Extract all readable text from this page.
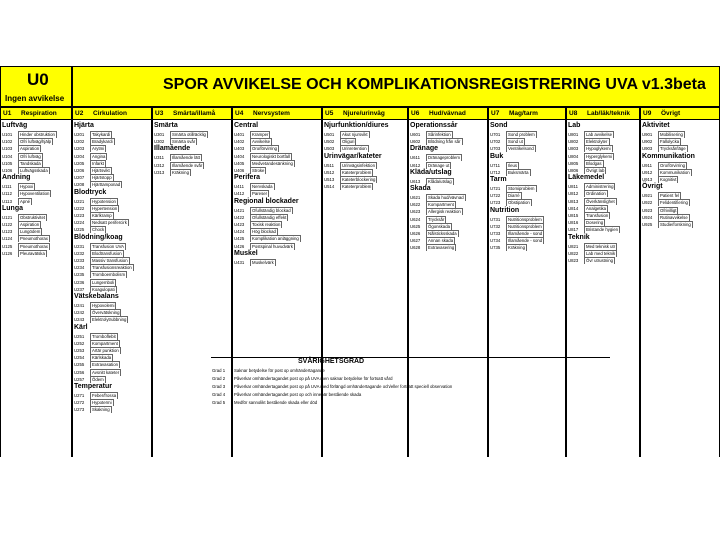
U0
Ingen avvikelse
SPOR AVVIKELSE OCH KOMPLIKATIONSREGISTRERING UVA v1.3beta
U1 Respiration
Luftväg
U101 Hinder obstruktion
U102 Ofri luftväg/hjälp
U103 Aspiration
U104 Ofri luftväg
U105 Tandskada
U106 Luftvägsskada
Andning
U111 Hypoxi
U112 Hypoventilation
U113 Apné
Lunga
U121 Obstruktivitet
U122 Aspiration
U123 Lungödem
U124 Pneumothorax
U125 Pneumothorax
U126 Pleuravätska
U2 Cirkulation
Hjärta
U201 Takykardi
U202 Bradykardi
U203 Arytmi
U204 Angina
U205 Infarkt
U206 Hjärtsvikt
U207 Hjärtstopp
U208 Hjärttamponad
Blodtryck
U221 Hypotension
U222 Hypertension
U223 Kärlkramp
U224 Nedsatt perifercirk
U225 Chock
Blödning/koag
U231 Transfusion UVA
U232 Blodtransfusion
U233 Massiv transfusion
U234 Transfusionsreaktion
U235 Tromboembolism
U236 Lungemboli
U237 Koagulopati
Vätskebalans
U241 Hypovolemi
U242 Övervätskning
U243 Elektrolytrubbning
Kärl
U251 Tromboflebit
U252 Kompartment
U253 Artär punktion
U254 Kärlskada
U255 Extravasation
U256 Avsnitt kateter
U257 Ödem
Temperatur
U271 Feber/frossa
U272 Hypotermi
U273 Skakning
U3 Smärta/illamå
Smärta
U301 Smärta otillräcklig
U302 Smärta svår
Illamående
U311 Illamående lätt
U312 Illamående svår
U313 Kräkning
U4 Nervsystem
Central
U401 Kramper
U402 Avvikelse
U403 Oro/förvirring
U404 Neurologiskt bortfall
U405 Medvetandesänkning
U406 Stroke
Perifera
U411 Nervskada
U412 Pareser
Regional blockader
U421 Ofullständig blockad
U422 Ofullständig effekt
U423 Toxisk reaktion
U424 Hög blockad
U425 Komplikation anläggning
U426 Postspinal huvudvärk
Muskel
U431 Muskelvärk
U5 Njure/urinväg
Njurfunktion/diures
U501 Akut njursvikt
U502 Oliguri
U503 Urinretention
Urinvägar/kateter
U511 Urinvägsinfektion
U512 Kateterproblem
U513 Kateterblockering
U514 Kateterproblem
U6 Hud/vävnad
Operationssår
U601 Sårinfektion
U602 Blödning från sår
Dränage
U611 Dränageproblem
U612 Dränage ut
Kläda/utslag
U613 Klåda/utslag
Skada
U621 Skada hud/vävnad
U622 Kompartment
U623 Allergisk reaktion
U624 Trycksår
U625 Ögonskada
U626 Nålsticksskada
U627 Annan skada
U628 Extravasering
U7 Mag/tarm
Sond
U701 Sond problem
U702 Sond ut
U703 Ventrikelsond
Buk
U711 Ileus
U712 Buksmärta
Tarm
U721 Stomiproblem
U722 Diarré
U723 Obstipation
Nutrition
U731 Nutritionsproblem
U732 Nutritionsproblem
U733 Illamående - sond
U734 Illamående - sond
U735 Kräkning
U8 Lab/läk/teknik
Lab
U801 Lab avvikelse
U802 Elektrolyter
U803 Hypoglykemi
U804 Hyperglykemi
U805 Blodgas
U806 Övrigt lab
Läkemedel
U811 Administrering
U812 Ordination
U813 Överkänslighet
U814 Analgetika
U815 Transfusion
U816 Dosering
U817 Bristande hygien
Teknik
U821 Med teknisk utr
U822 Lab med teknik
U823 Övr utrustning
U9 Övrigt
Aktivitet
U901 Mobilisering
U902 Fallolycka
U903 Trycksår/läge
Kommunikation
U911 Oro/förvirring
U912 Kommunikation
U913 Kognitivt
Övrigt
U921 Patient fel
U922 Felidentifiering
U923 Ofrivilligt
U924 Rutinavvikelse
U925 Studie/forskning
SVÅRIGHETSGRAD
Grad 1 Saknar betydelse för post op omhändertagande
Grad 2 Påverkar omhändertagandet post op på UVA men saknar betydelse för fortsatt vård
Grad 3 Påverkar omhändertagandet post op på UVA med förlängd omhändertagande och/eller fortsatt speciell observation
Grad 4 Påverkar omhändertagandet post op och innebär bestående skada
Grad 5 Medför sannolikt bestående skada eller död
